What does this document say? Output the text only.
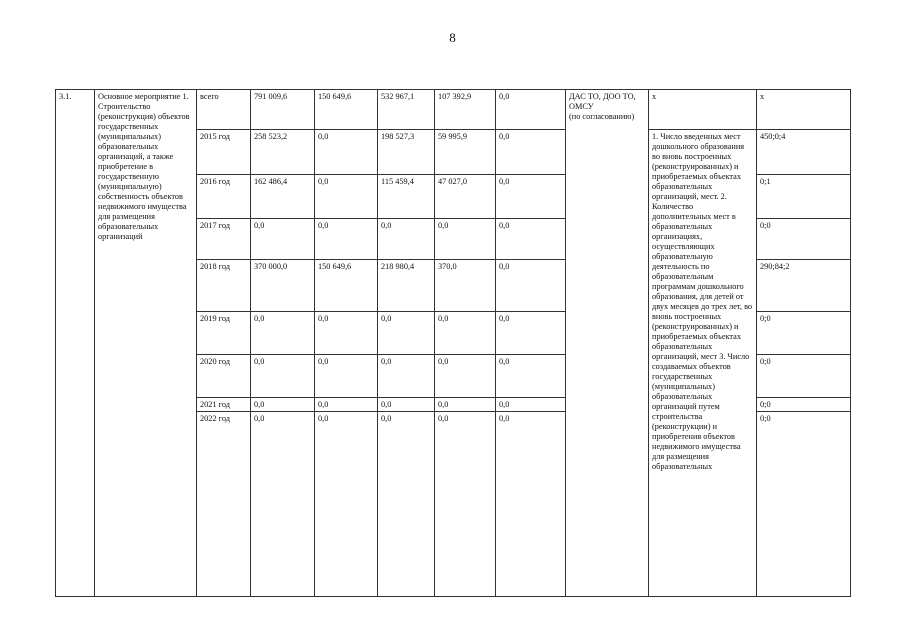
8
3.1.	Основное мероприятие 1. Строительство (реконструкция) объектов государственных (муниципальных) образовательных организаций, а также приобретение в государственную (муниципальную) собственность объектов недвижимого имущества для размещения образовательных организаций	всего	791 009,6	150 649,6	532 967,1	107 392,9	0,0	ДАС ТО, ДОО ТО, ОМСУ
(по согласованию)	х	х
		2015 год	258 523,2	0,0	198 527,3	59 995,9	0,0		1. Число введенных мест дошкольного образования во вновь построенных (реконструированных) и приобретаемых объектах образовательных организаций, мест. 2. Количество дополнительных мест в образовательных организациях, осуществляющих образовательную деятельность по образовательным программам дошкольного образования, для детей от двух месяцев до трех лет, во вновь построенных (реконструированных) и приобретаемых объектах образовательных организаций, мест 3. Число создаваемых объектов государственных (муниципальных) образовательных организаций путем строительства (реконструкции) и приобретения объектов недвижимого имущества для размещения образовательных	450;0;4
		2016 год	162 486,4	0,0	115 459,4	47 027,0	0,0			0;1
		2017 год	0,0	0,0	0,0	0,0	0,0			0;0
		2018 год	370 000,0	150 649,6	218 980,4	370,0	0,0			290;84;2
		2019 год	0,0	0,0	0,0	0,0	0,0			0;0
		2020 год	0,0	0,0	0,0	0,0	0,0			0;0
		2021 год	0,0	0,0	0,0	0,0	0,0			0;0
		2022 год	0,0	0,0	0,0	0,0	0,0			0;0
